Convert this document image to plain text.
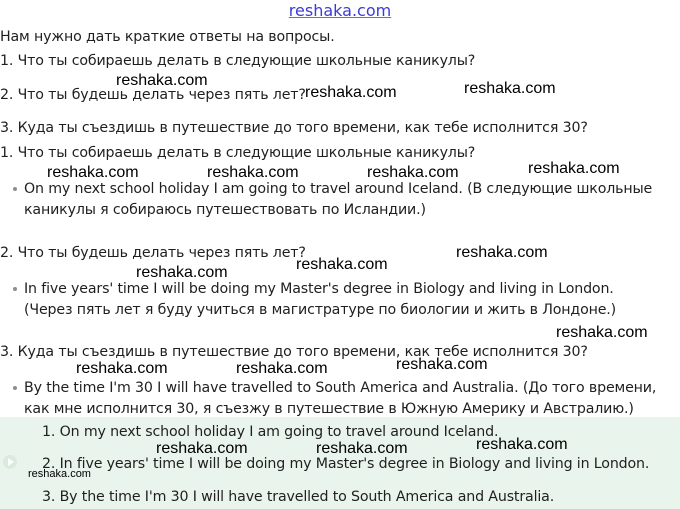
reshaka.com
Нам нужно дать краткие ответы на вопросы.
1. Что ты собираешь делать в следующие школьные каникулы?
2. Что ты будешь делать через пять лет?
3. Куда ты съездишь в путешествие до того времени, как тебе исполнится 30?
1. Что ты собираешь делать в следующие школьные каникулы?
On my next school holiday I am going to travel around Iceland. (В следующие школьные
каникулы я собираюсь путешествовать по Исландии.)
2. Что ты будешь делать через пять лет?
In five years' time I will be doing my Master's degree in Biology and living in London.
(Через пять лет я буду учиться в магистратуре по биологии и жить в Лондоне.)
3. Куда ты съездишь в путешествие до того времени, как тебе исполнится 30?
By the time I'm 30 I will have travelled to South America and Australia. (До того времени,
как мне исполнится 30, я съезжу в путешествие в Южную Америку и Австралию.)
1. On my next school holiday I am going to travel around Iceland.
2. In five years' time I will be doing my Master's degree in Biology and living in London.
3. By the time I'm 30 I will have travelled to South America and Australia.
reshaka.com	reshaka.com
reshaka.com
reshaka.com
reshaka.com	reshaka.com	reshaka.com
reshaka.com
reshaka.com
reshaka.com
reshaka.com
reshaka.com
reshaka.com	reshaka.com
reshaka.com
reshaka.com	reshaka.com
reshaka.com
